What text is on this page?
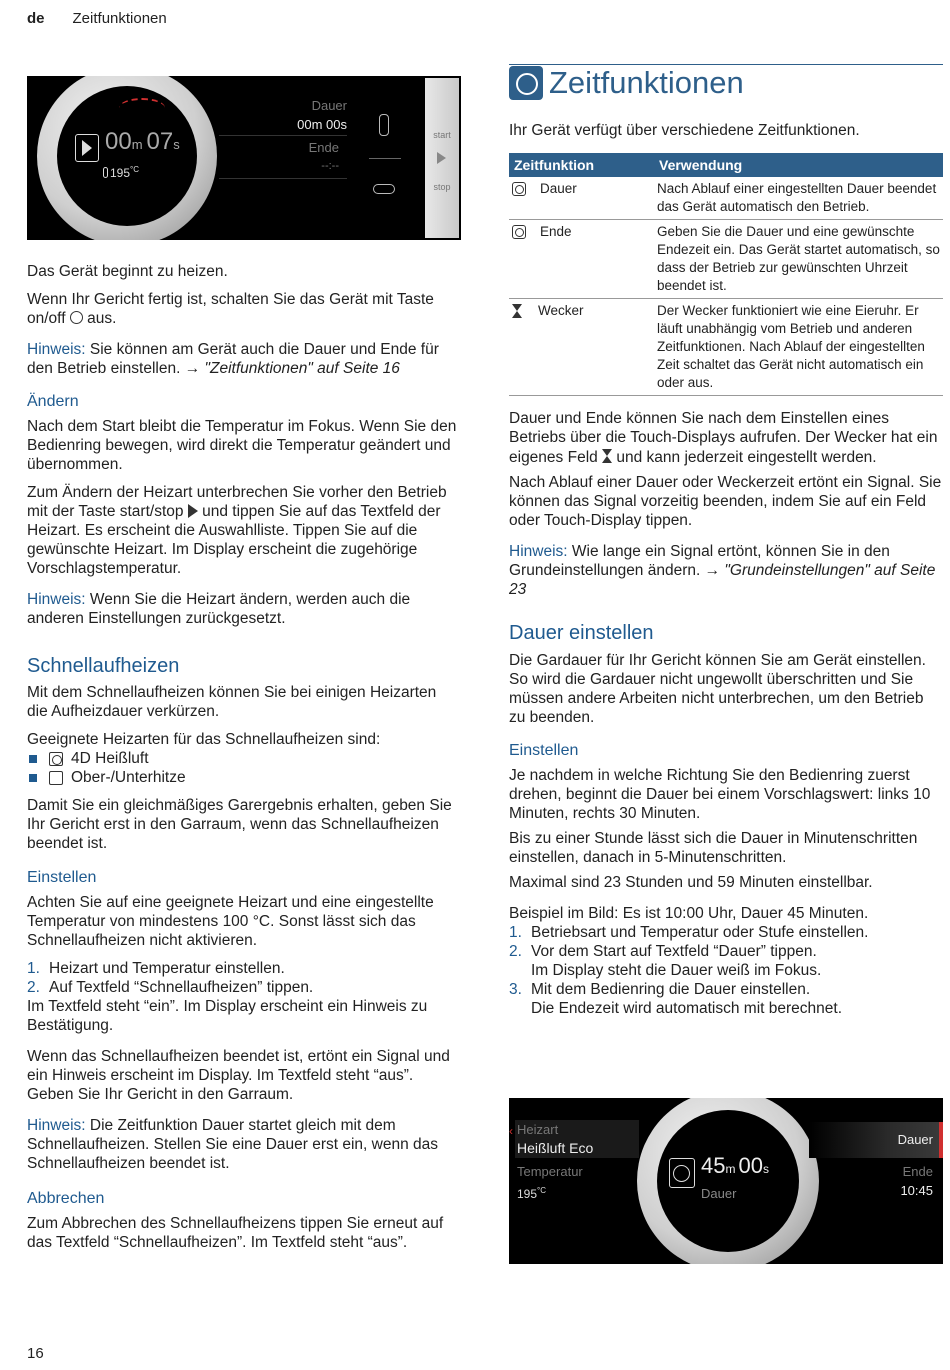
de Zeitfunktionen
00m 07s
$195^{^\circ C}$
Dauer
00m 00s
Ende
--:--
start
stop

Das Gerät beginnt zu heizen.

Wenn Ihr Gericht fertig ist, schalten Sie das Gerät mit Taste on/off aus.

Hinweis: Sie können am Gerät auch die Dauer und Ende für den Betrieb einstellen. → "Zeitfunktionen" auf Seite 16

Ändern

Nach dem Start bleibt die Temperatur im Fokus. Wenn Sie den Bedienring bewegen, wird direkt die Temperatur geändert und übernommen.

Zum Ändern der Heizart unterbrechen Sie vorher den Betrieb mit der Taste start/stop und tippen Sie auf das Textfeld der Heizart. Es erscheint die Auswahlliste. Tippen Sie auf die gewünschte Heizart. Im Display erscheint die zugehörige Vorschlagstemperatur.

Hinweis: Wenn Sie die Heizart ändern, werden auch die anderen Einstellungen zurückgesetzt.

Schnellaufheizen

Mit dem Schnellaufheizen können Sie bei einigen Heizarten die Aufheizdauer verkürzen.

Geeignete Heizarten für das Schnellaufheizen sind:

4D Heißluft
Ober-/Unterhitze

Damit Sie ein gleichmäßiges Garergebnis erhalten, geben Sie Ihr Gericht erst in den Garraum, wenn das Schnellaufheizen beendet ist.

Einstellen

Achten Sie auf eine geeignete Heizart und eine eingestellte Temperatur von mindestens 100 °C. Sonst lässt sich das Schnellaufheizen nicht aktivieren.

1. Heizart und Temperatur einstellen.
2. Auf Textfeld “Schnellaufheizen” tippen.

Im Textfeld steht “ein”. Im Display erscheint ein Hinweis zu Bestätigung.

Wenn das Schnellaufheizen beendet ist, ertönt ein Signal und ein Hinweis erscheint im Display. Im Textfeld steht “aus”. Geben Sie Ihr Gericht in den Garraum.

Hinweis: Die Zeitfunktion Dauer startet gleich mit dem Schnellaufheizen. Stellen Sie eine Dauer erst ein, wenn das Schnellaufheizen beendet ist.

Abbrechen

Zum Abbrechen des Schnellaufheizens tippen Sie erneut auf das Textfeld “Schnellaufheizen”. Im Textfeld steht “aus”.

Zeitfunktionen

Ihr Gerät verfügt über verschiedene Zeitfunktionen.

Zeitfunktion	Verwendung

Dauer	Nach Ablauf einer eingestellten Dauer beendet das Gerät automatisch den Betrieb.

Ende	Geben Sie die Dauer und eine gewünschte Endezeit ein. Das Gerät startet automatisch, so dass der Betrieb zur gewünschten Uhrzeit beendet ist.

Wecker	Der Wecker funktioniert wie eine Eieruhr. Er läuft unabhängig vom Betrieb und anderen Zeitfunktionen. Nach Ablauf der eingestellten Zeit schaltet das Gerät nicht automatisch ein oder aus.

Dauer und Ende können Sie nach dem Einstellen eines Betriebs über die Touch-Displays aufrufen. Der Wecker hat ein eigenes Feld und kann jederzeit eingestellt werden.

Nach Ablauf einer Dauer oder Weckerzeit ertönt ein Signal. Sie können das Signal vorzeitig beenden, indem Sie auf ein Feld oder Touch-Display tippen.

Hinweis: Wie lange ein Signal ertönt, können Sie in den Grundeinstellungen ändern. → "Grundeinstellungen" auf Seite 23

Dauer einstellen

Die Gardauer für Ihr Gericht können Sie am Gerät einstellen. So wird die Gardauer nicht ungewollt überschritten und Sie müssen andere Arbeiten nicht unterbrechen, um den Betrieb zu beenden.

Einstellen

Je nachdem in welche Richtung Sie den Bedienring zuerst drehen, beginnt die Dauer bei einem Vorschlagswert: links 10 Minuten, rechts 30 Minuten.

Bis zu einer Stunde lässt sich die Dauer in Minutenschritten einstellen, danach in 5-Minutenschritten.

Maximal sind 23 Stunden und 59 Minuten einstellbar.

Beispiel im Bild: Es ist 10:00 Uhr, Dauer 45 Minuten.

1. Betriebsart und Temperatur oder Stufe einstellen.
2. Vor dem Start auf Textfeld “Dauer” tippen.
Im Display steht die Dauer weiß im Fokus.
3. Mit dem Bedienring die Dauer einstellen.
Die Endezeit wird automatisch mit berechnet.
Heizart
Heißluft Eco
‹
Temperatur
$195^{^\circ C}$
45m 00s
Dauer
Dauer
Ende
10:45
16
